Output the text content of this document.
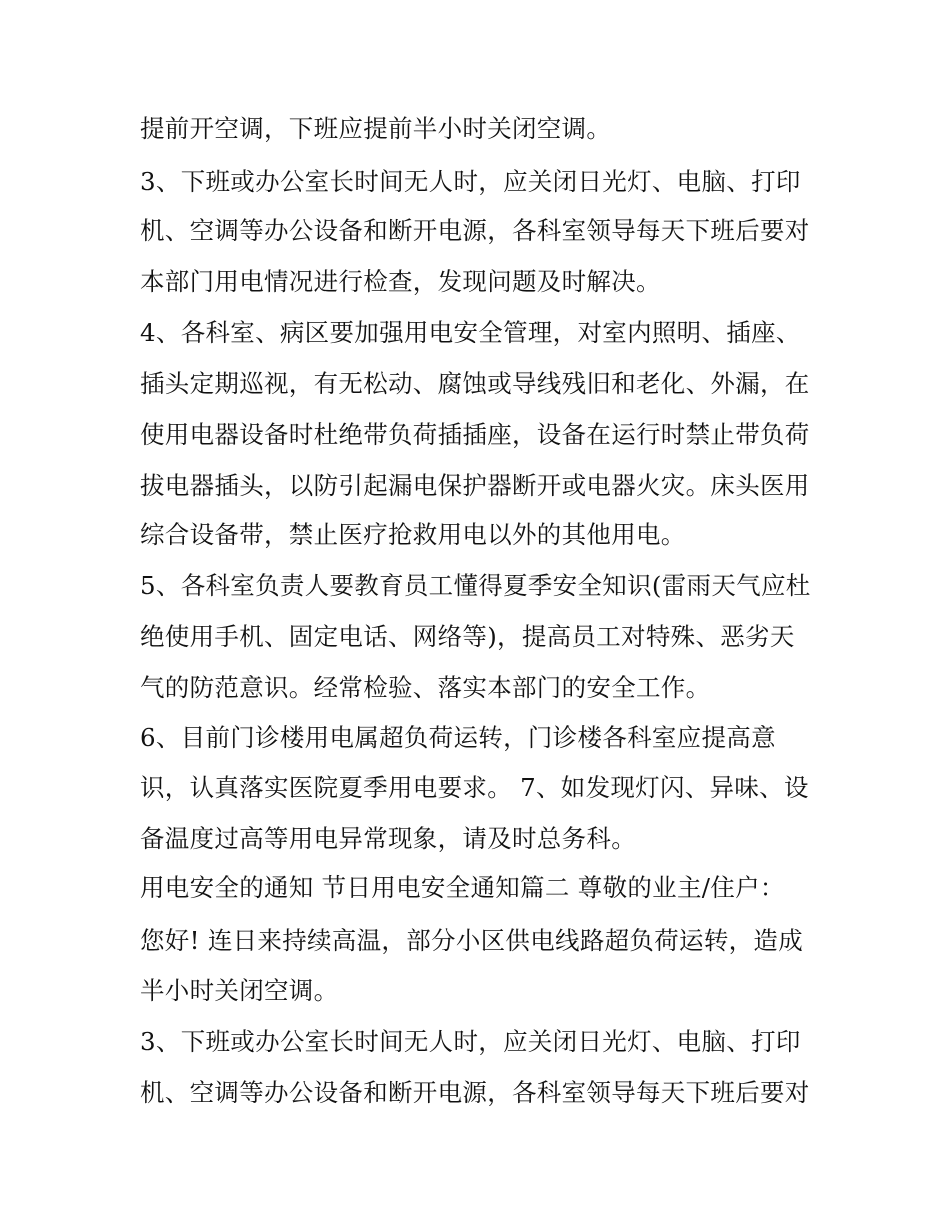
提前开空调，下班应提前半小时关闭空调。
3、下班或办公室长时间无人时，应关闭日光灯、电脑、打印
机、空调等办公设备和断开电源，各科室领导每天下班后要对
本部门用电情况进行检查，发现问题及时解决。
4、各科室、病区要加强用电安全管理，对室内照明、插座、
插头定期巡视，有无松动、腐蚀或导线残旧和老化、外漏，在
使用电器设备时杜绝带负荷插插座，设备在运行时禁止带负荷
拔电器插头，以防引起漏电保护器断开或电器火灾。床头医用
综合设备带，禁止医疗抢救用电以外的其他用电。
5、各科室负责人要教育员工懂得夏季安全知识(雷雨天气应杜
绝使用手机、固定电话、网络等)，提高员工对特殊、恶劣天
气的防范意识。经常检验、落实本部门的安全工作。
6、目前门诊楼用电属超负荷运转，门诊楼各科室应提高意
识，认真落实医院夏季用电要求。 7、如发现灯闪、异味、设
备温度过高等用电异常现象，请及时总务科。
用电安全的通知 节日用电安全通知篇二 尊敬的业主/住户：
您好! 连日来持续高温，部分小区供电线路超负荷运转，造成
半小时关闭空调。
3、下班或办公室长时间无人时，应关闭日光灯、电脑、打印
机、空调等办公设备和断开电源，各科室领导每天下班后要对
